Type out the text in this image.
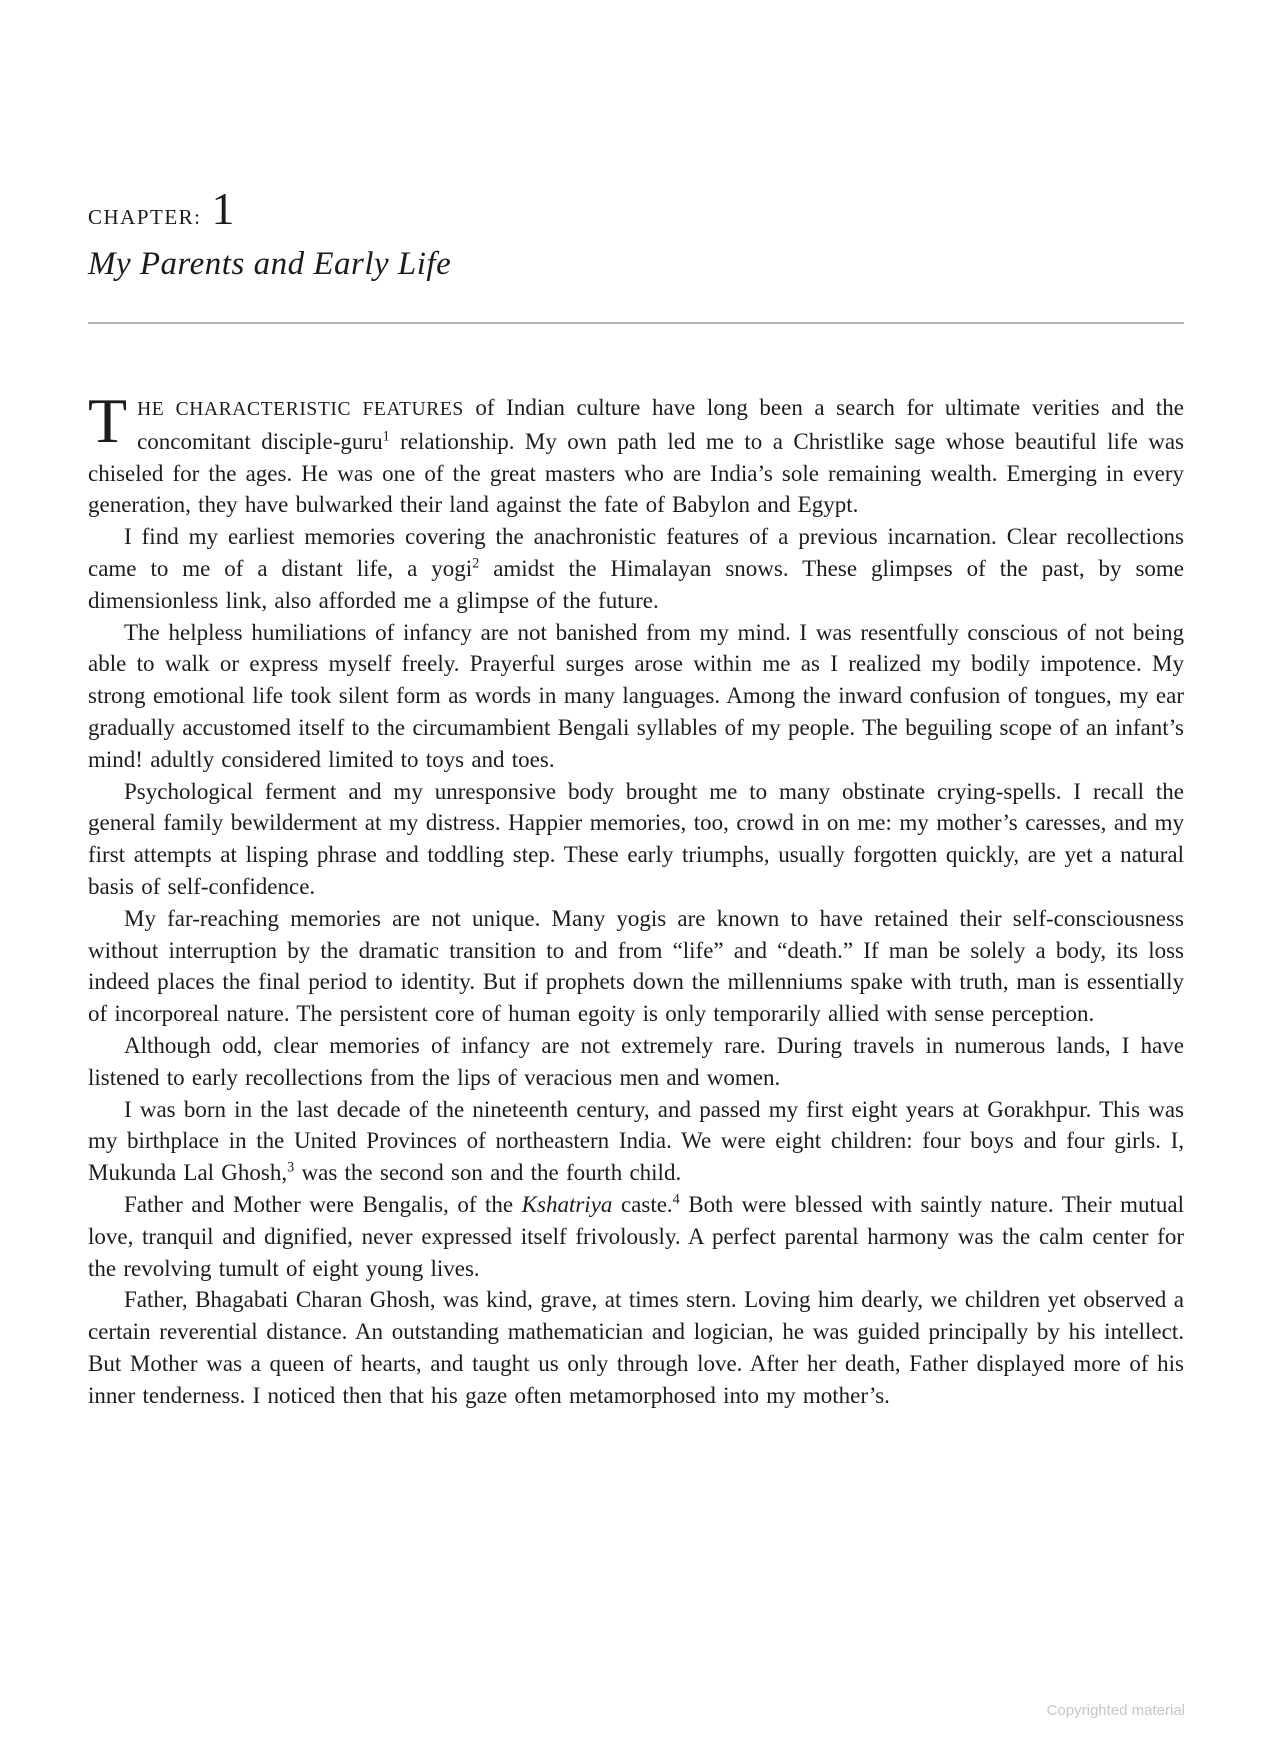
CHAPTER: 1
My Parents and Early Life

THE CHARACTERISTIC FEATURES of Indian culture have long been a search for ultimate verities and the concomitant disciple-guru$^1$ relationship. My own path led me to a Christlike sage whose beautiful life was chiseled for the ages. He was one of the great masters who are India’s sole remaining wealth. Emerging in every generation, they have bulwarked their land against the fate of Babylon and Egypt.

I find my earliest memories covering the anachronistic features of a previous incarnation. Clear recollections came to me of a distant life, a yogi$^2$ amidst the Himalayan snows. These glimpses of the past, by some dimensionless link, also afforded me a glimpse of the future.

The helpless humiliations of infancy are not banished from my mind. I was resentfully conscious of not being able to walk or express myself freely. Prayerful surges arose within me as I realized my bodily impotence. My strong emotional life took silent form as words in many languages. Among the inward confusion of tongues, my ear gradually accustomed itself to the circumambient Bengali syllables of my people. The beguiling scope of an infant’s mind! adultly considered limited to toys and toes.

Psychological ferment and my unresponsive body brought me to many obstinate crying-spells. I recall the general family bewilderment at my distress. Happier memories, too, crowd in on me: my mother’s caresses, and my first attempts at lisping phrase and toddling step. These early triumphs, usually forgotten quickly, are yet a natural basis of self-confidence.

My far-reaching memories are not unique. Many yogis are known to have retained their self-consciousness without interruption by the dramatic transition to and from “life” and “death.” If man be solely a body, its loss indeed places the final period to identity. But if prophets down the millenniums spake with truth, man is essentially of incorporeal nature. The persistent core of human egoity is only temporarily allied with sense perception.

Although odd, clear memories of infancy are not extremely rare. During travels in numerous lands, I have listened to early recollections from the lips of veracious men and women.

I was born in the last decade of the nineteenth century, and passed my first eight years at Gorakhpur. This was my birthplace in the United Provinces of northeastern India. We were eight children: four boys and four girls. I, Mukunda Lal Ghosh,$^3$ was the second son and the fourth child.

Father and Mother were Bengalis, of the Kshatriya caste.$^4$ Both were blessed with saintly nature. Their mutual love, tranquil and dignified, never expressed itself frivolously. A perfect parental harmony was the calm center for the revolving tumult of eight young lives.

Father, Bhagabati Charan Ghosh, was kind, grave, at times stern. Loving him dearly, we children yet observed a certain reverential distance. An outstanding mathematician and logician, he was guided principally by his intellect. But Mother was a queen of hearts, and taught us only through love. After her death, Father displayed more of his inner tenderness. I noticed then that his gaze often metamorphosed into my mother’s.

Copyrighted material
